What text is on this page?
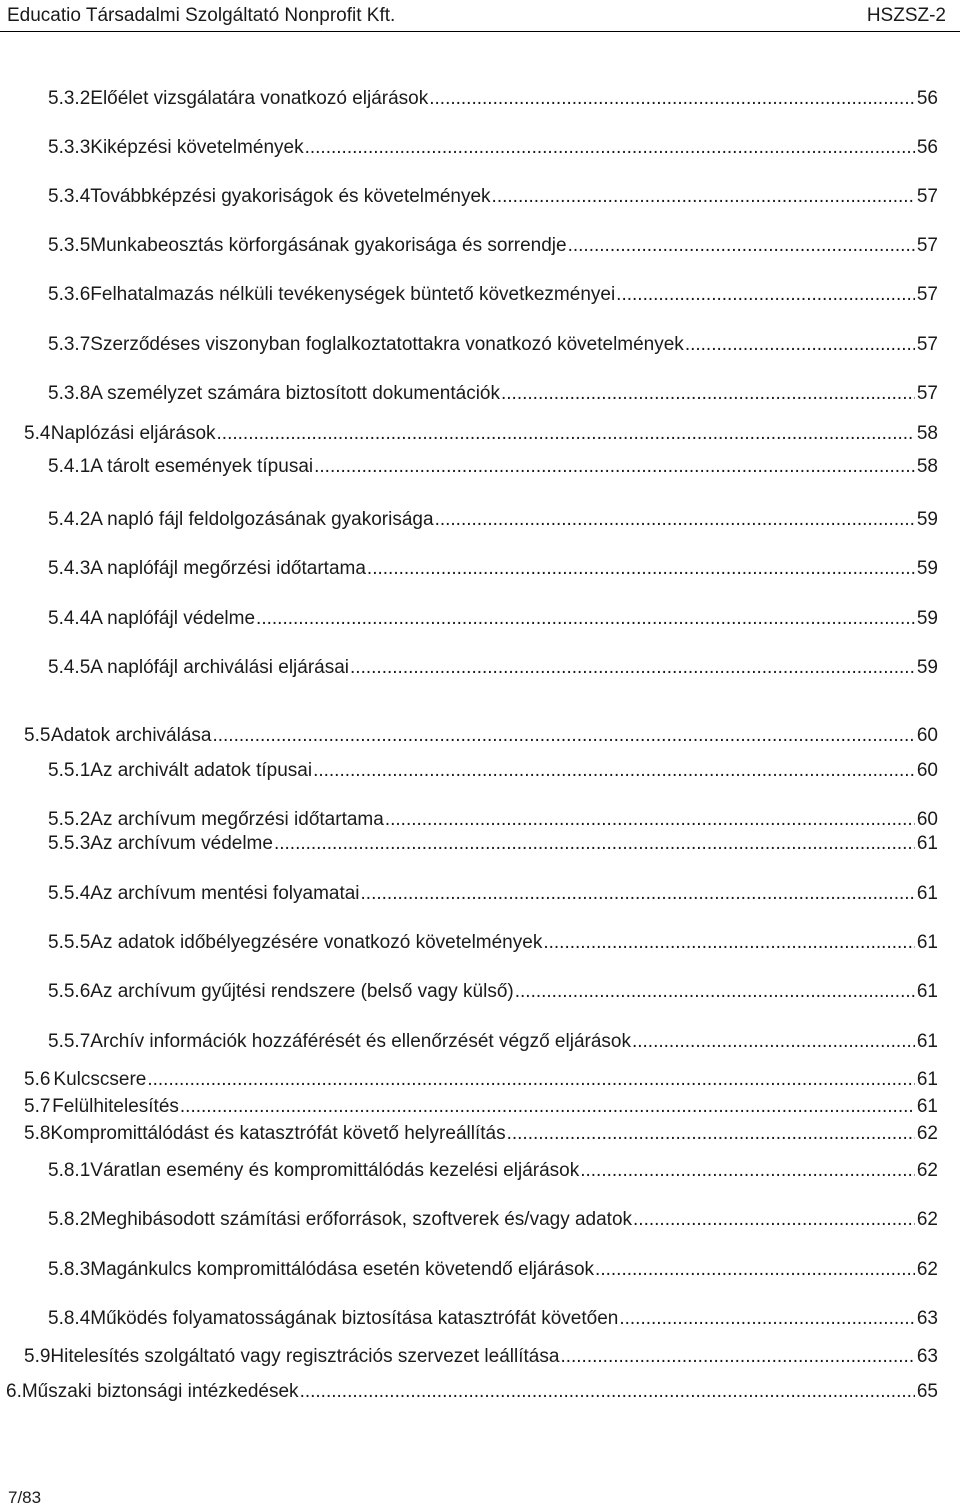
Educatio Társadalmi Szolgáltató Nonprofit Kft.	HSZSZ-2
5.3.2 Előélet vizsgálatára vonatkozó eljárások .....	56
5.3.3 Kiképzési követelmények .....	56
5.3.4 Továbbképzési gyakoriságok és követelmények .....	57
5.3.5 Munkabeosztás körforgásának gyakorisága és sorrendje .....	57
5.3.6 Felhatalmazás nélküli tevékenységek büntető következményei .....	57
5.3.7 Szerződéses viszonyban foglalkoztatottakra vonatkozó követelmények .....	57
5.3.8 A személyzet számára biztosított dokumentációk .....	57
5.4 Naplózási eljárások .....	58
5.4.1 A tárolt események típusai .....	58
5.4.2 A napló fájl feldolgozásának gyakorisága .....	59
5.4.3 A naplófájl megőrzési időtartama .....	59
5.4.4 A naplófájl védelme .....	59
5.4.5 A naplófájl archiválási eljárásai .....	59
5.5 Adatok archiválása .....	60
5.5.1 Az archivált adatok típusai .....	60
5.5.2 Az archívum megőrzési időtartama .....	60
5.5.3 Az archívum védelme .....	61
5.5.4 Az archívum mentési folyamatai .....	61
5.5.5 Az adatok időbélyegzésére vonatkozó követelmények .....	61
5.5.6 Az archívum gyűjtési rendszere (belső vagy külső) .....	61
5.5.7 Archív információk hozzáférését és ellenőrzését végző eljárások .....	61
5.6 Kulcscsere .....	61
5.7 Felülhitelesítés .....	61
5.8 Kompromittálódást és katasztrófát követő helyreállítás .....	62
5.8.1 Váratlan esemény és kompromittálódás kezelési eljárások .....	62
5.8.2 Meghibásodott számítási erőforrások, szoftverek és/vagy adatok .....	62
5.8.3 Magánkulcs kompromittálódása esetén követendő eljárások .....	62
5.8.4 Működés folyamatosságának biztosítása katasztrófát követően .....	63
5.9 Hitelesítés szolgáltató vagy regisztrációs szervezet leállítása .....	63
6. Műszaki biztonsági intézkedések .....	65
7/83
